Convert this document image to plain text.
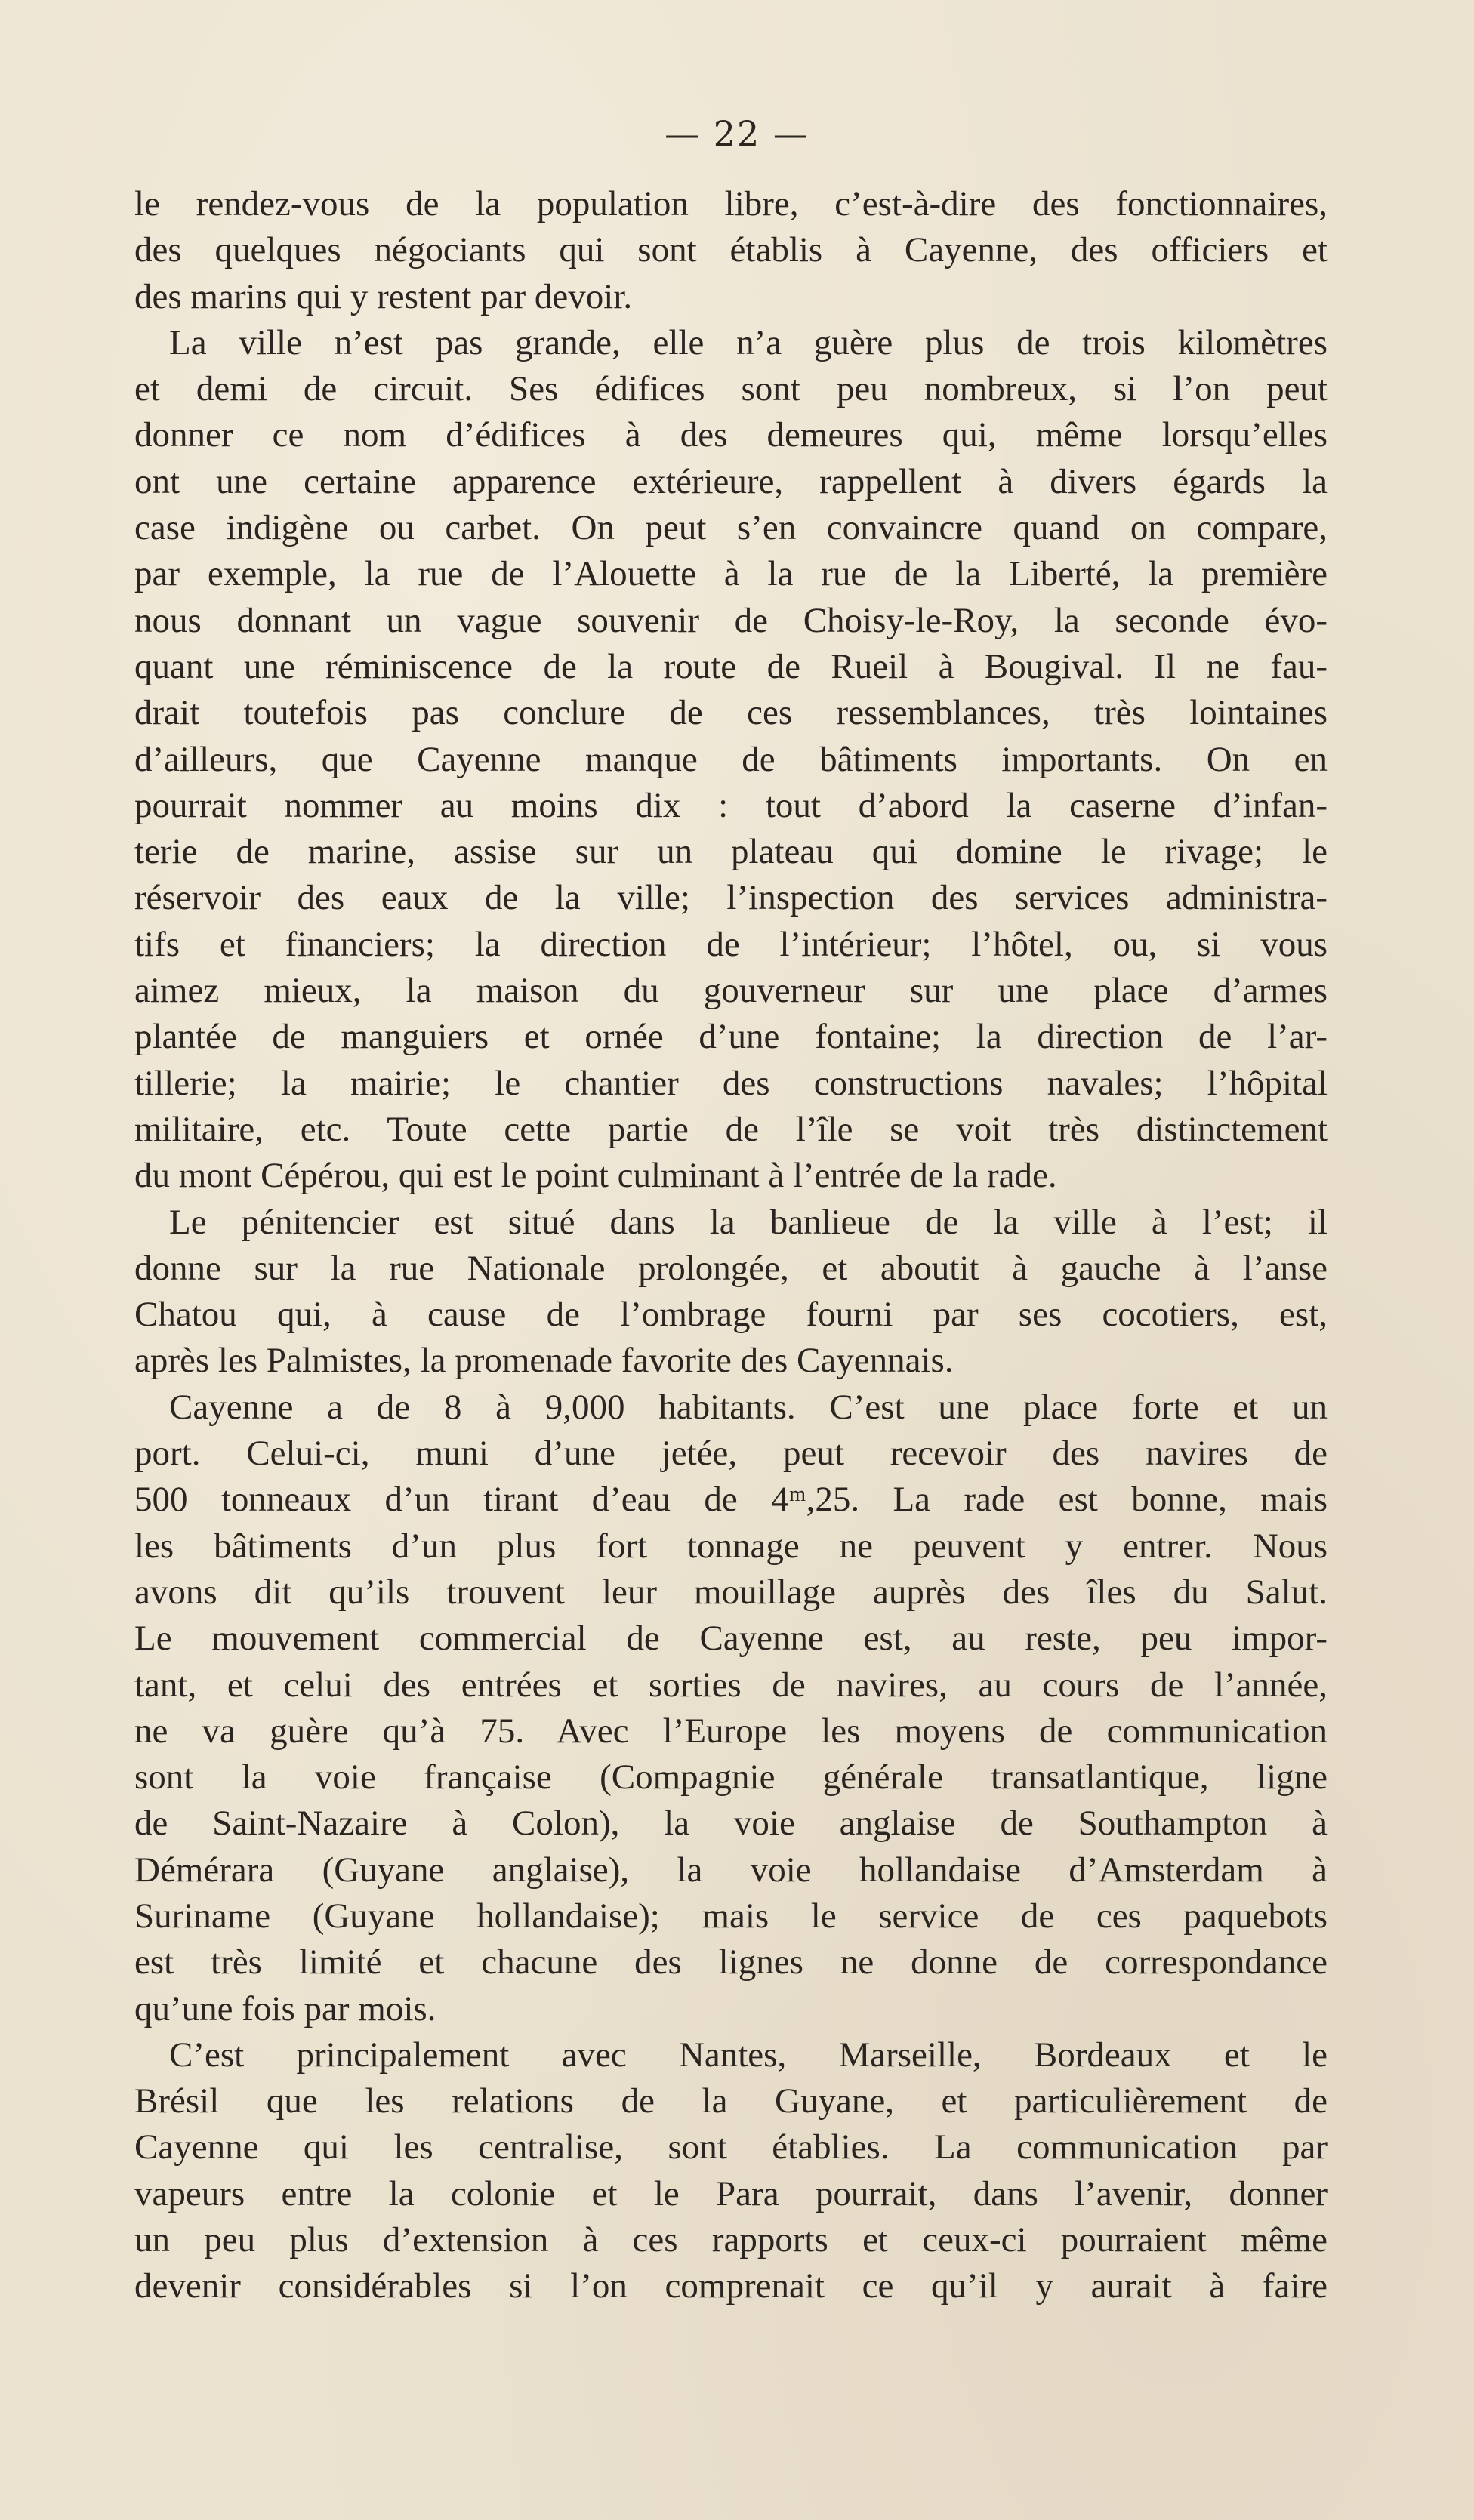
— 22 —
le rendez-vous de la population libre, c’est-à-dire des fonctionnaires,
des quelques négociants qui sont établis à Cayenne, des officiers et
des marins qui y restent par devoir.
La ville n’est pas grande, elle n’a guère plus de trois kilomètres
et demi de circuit. Ses édifices sont peu nombreux, si l’on peut
donner ce nom d’édifices à des demeures qui, même lorsqu’elles
ont une certaine apparence extérieure, rappellent à divers égards la
case indigène ou carbet. On peut s’en convaincre quand on compare,
par exemple, la rue de l’Alouette à la rue de la Liberté, la première
nous donnant un vague souvenir de Choisy-le-Roy, la seconde évo-
quant une réminiscence de la route de Rueil à Bougival. Il ne fau-
drait toutefois pas conclure de ces ressemblances, très lointaines
d’ailleurs, que Cayenne manque de bâtiments importants. On en
pourrait nommer au moins dix : tout d’abord la caserne d’infan-
terie de marine, assise sur un plateau qui domine le rivage; le
réservoir des eaux de la ville; l’inspection des services administra-
tifs et financiers; la direction de l’intérieur; l’hôtel, ou, si vous
aimez mieux, la maison du gouverneur sur une place d’armes
plantée de manguiers et ornée d’une fontaine; la direction de l’ar-
tillerie; la mairie; le chantier des constructions navales; l’hôpital
militaire, etc. Toute cette partie de l’île se voit très distinctement
du mont Cépérou, qui est le point culminant à l’entrée de la rade.
Le pénitencier est situé dans la banlieue de la ville à l’est; il
donne sur la rue Nationale prolongée, et aboutit à gauche à l’anse
Chatou qui, à cause de l’ombrage fourni par ses cocotiers, est,
après les Palmistes, la promenade favorite des Cayennais.
Cayenne a de 8 à 9,000 habitants. C’est une place forte et un
port. Celui-ci, muni d’une jetée, peut recevoir des navires de
500 tonneaux d’un tirant d’eau de 4ᵐ,25. La rade est bonne, mais
les bâtiments d’un plus fort tonnage ne peuvent y entrer. Nous
avons dit qu’ils trouvent leur mouillage auprès des îles du Salut.
Le mouvement commercial de Cayenne est, au reste, peu impor-
tant, et celui des entrées et sorties de navires, au cours de l’année,
ne va guère qu’à 75. Avec l’Europe les moyens de communication
sont la voie française (Compagnie générale transatlantique, ligne
de Saint-Nazaire à Colon), la voie anglaise de Southampton à
Démérara (Guyane anglaise), la voie hollandaise d’Amsterdam à
Suriname (Guyane hollandaise); mais le service de ces paquebots
est très limité et chacune des lignes ne donne de correspondance
qu’une fois par mois.
C’est principalement avec Nantes, Marseille, Bordeaux et le
Brésil que les relations de la Guyane, et particulièrement de
Cayenne qui les centralise, sont établies. La communication par
vapeurs entre la colonie et le Para pourrait, dans l’avenir, donner
un peu plus d’extension à ces rapports et ceux-ci pourraient même
devenir considérables si l’on comprenait ce qu’il y aurait à faire
